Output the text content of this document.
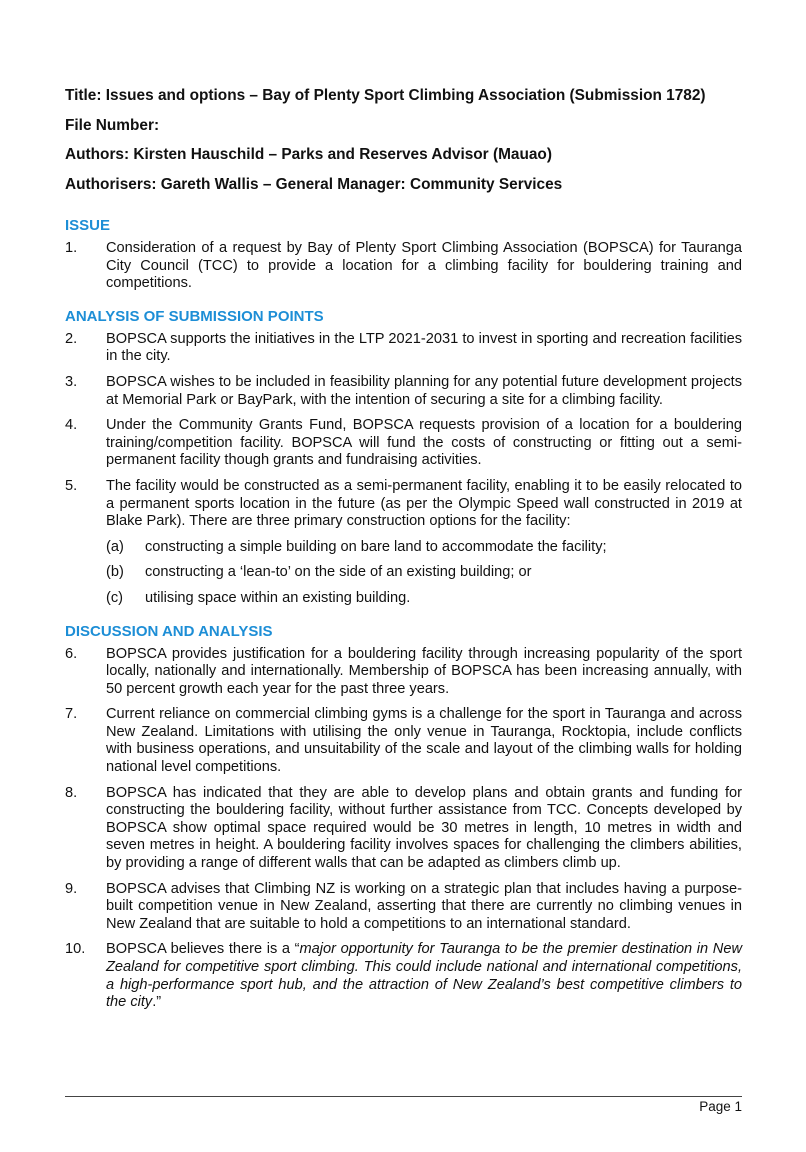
Title: Issues and options – Bay of Plenty Sport Climbing Association (Submission 1782)

File Number:

Authors: Kirsten Hauschild – Parks and Reserves Advisor (Mauao)

Authorisers: Gareth Wallis – General Manager: Community Services

ISSUE
1. Consideration of a request by Bay of Plenty Sport Climbing Association (BOPSCA) for Tauranga City Council (TCC) to provide a location for a climbing facility for bouldering training and competitions.
ANALYSIS OF SUBMISSION POINTS
2. BOPSCA supports the initiatives in the LTP 2021-2031 to invest in sporting and recreation facilities in the city.
3. BOPSCA wishes to be included in feasibility planning for any potential future development projects at Memorial Park or BayPark, with the intention of securing a site for a climbing facility.
4. Under the Community Grants Fund, BOPSCA requests provision of a location for a bouldering training/competition facility. BOPSCA will fund the costs of constructing or fitting out a semi-permanent facility though grants and fundraising activities.
5. The facility would be constructed as a semi-permanent facility, enabling it to be easily relocated to a permanent sports location in the future (as per the Olympic Speed wall constructed in 2019 at Blake Park). There are three primary construction options for the facility:
(a) constructing a simple building on bare land to accommodate the facility;
(b) constructing a ‘lean-to’ on the side of an existing building; or
(c) utilising space within an existing building.
DISCUSSION AND ANALYSIS
6. BOPSCA provides justification for a bouldering facility through increasing popularity of the sport locally, nationally and internationally. Membership of BOPSCA has been increasing annually, with 50 percent growth each year for the past three years.
7. Current reliance on commercial climbing gyms is a challenge for the sport in Tauranga and across New Zealand. Limitations with utilising the only venue in Tauranga, Rocktopia, include conflicts with business operations, and unsuitability of the scale and layout of the climbing walls for holding national level competitions.
8. BOPSCA has indicated that they are able to develop plans and obtain grants and funding for constructing the bouldering facility, without further assistance from TCC. Concepts developed by BOPSCA show optimal space required would be 30 metres in length, 10 metres in width and seven metres in height. A bouldering facility involves spaces for challenging the climbers abilities, by providing a range of different walls that can be adapted as climbers climb up.
9. BOPSCA advises that Climbing NZ is working on a strategic plan that includes having a purpose-built competition venue in New Zealand, asserting that there are currently no climbing venues in New Zealand that are suitable to hold a competitions to an international standard.
10. BOPSCA believes there is a “major opportunity for Tauranga to be the premier destination in New Zealand for competitive sport climbing. This could include national and international competitions, a high-performance sport hub, and the attraction of New Zealand’s best competitive climbers to the city.”
Page 1
